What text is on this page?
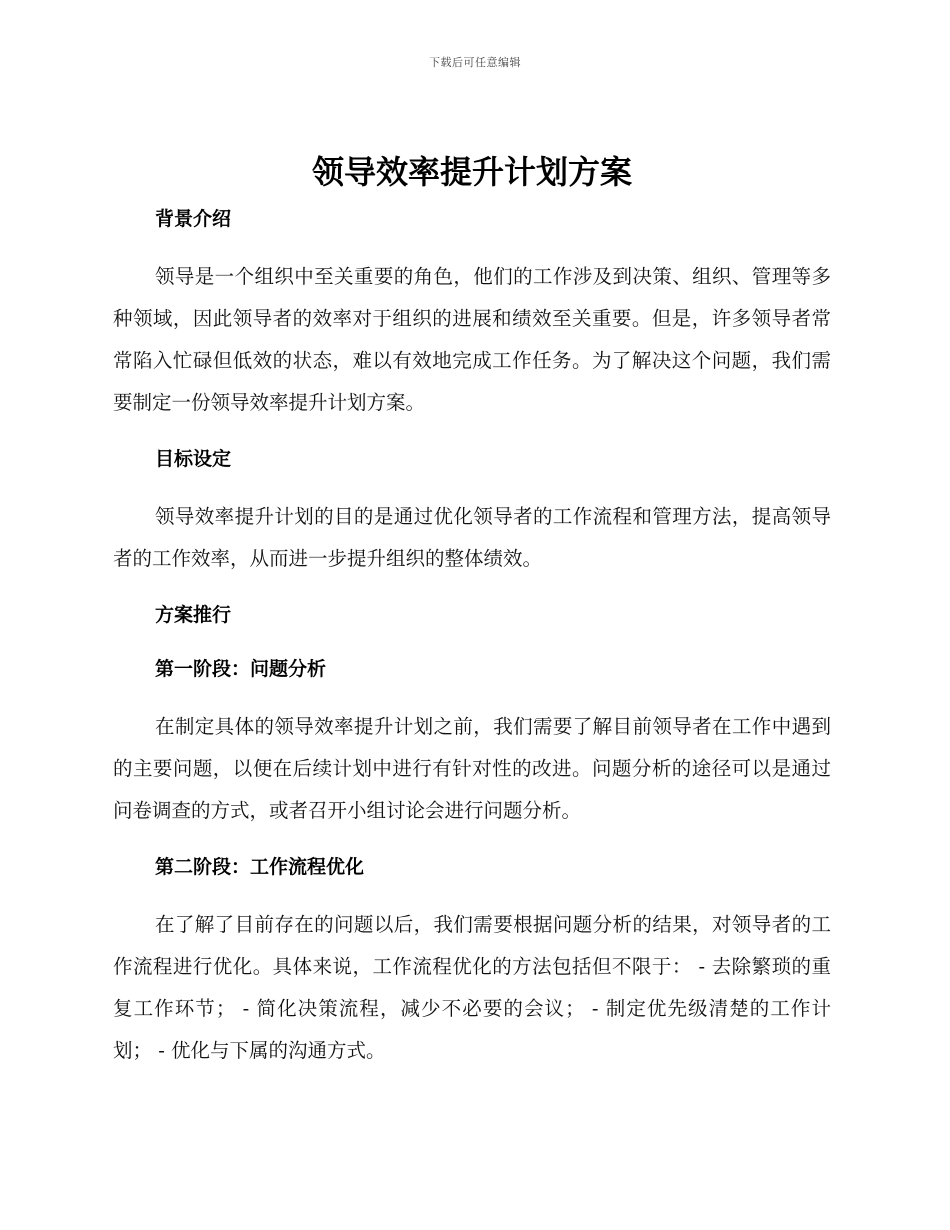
下载后可任意编辑
领导效率提升计划方案
背景介绍

领导是一个组织中至关重要的角色，他们的工作涉及到决策、组织、管理等多种领域，因此领导者的效率对于组织的进展和绩效至关重要。但是，许多领导者常常陷入忙碌但低效的状态，难以有效地完成工作任务。为了解决这个问题，我们需要制定一份领导效率提升计划方案。

目标设定

领导效率提升计划的目的是通过优化领导者的工作流程和管理方法，提高领导者的工作效率，从而进一步提升组织的整体绩效。

方案推行
第一阶段：问题分析

在制定具体的领导效率提升计划之前，我们需要了解目前领导者在工作中遇到的主要问题，以便在后续计划中进行有针对性的改进。问题分析的途径可以是通过问卷调查的方式，或者召开小组讨论会进行问题分析。

第二阶段：工作流程优化

在了解了目前存在的问题以后，我们需要根据问题分析的结果，对领导者的工作流程进行优化。具体来说，工作流程优化的方法包括但不限于： - 去除繁琐的重复工作环节； - 简化决策流程，减少不必要的会议； - 制定优先级清楚的工作计划； - 优化与下属的沟通方式。
